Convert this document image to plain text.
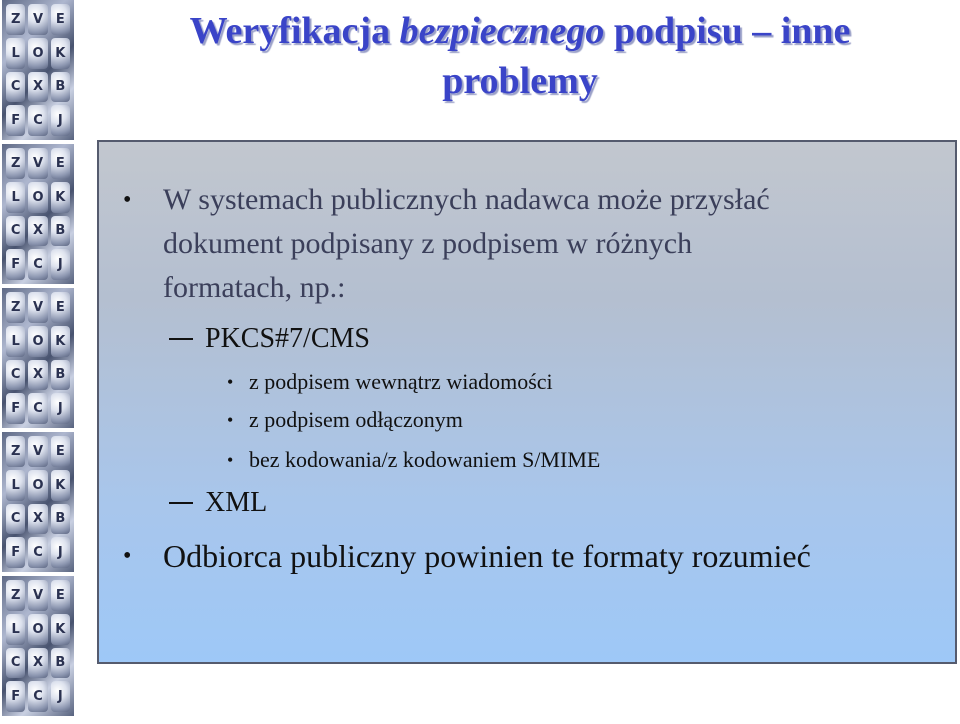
Z V E
L O K
C X B
F	C	J
Z V E
L O K
C X B
F	C	J
Z V E
L O K
C X B
F	C	J
Z V E
L O K
C X B
F	C	J
Z V E
L O K
C X B
F	C	J
Weryfikacja bezpiecznego podpisu – inne
problemy
• W systemach publicznych nadawca może przysłać
dokument podpisany z podpisem w różnych
formatach, np.:
PKCS#7/CMS
• z podpisem wewnątrz wiadomości
• z podpisem odłączonym
• bez kodowania/z kodowaniem S/MIME
XML
• Odbiorca publiczny powinien te formaty rozumieć
